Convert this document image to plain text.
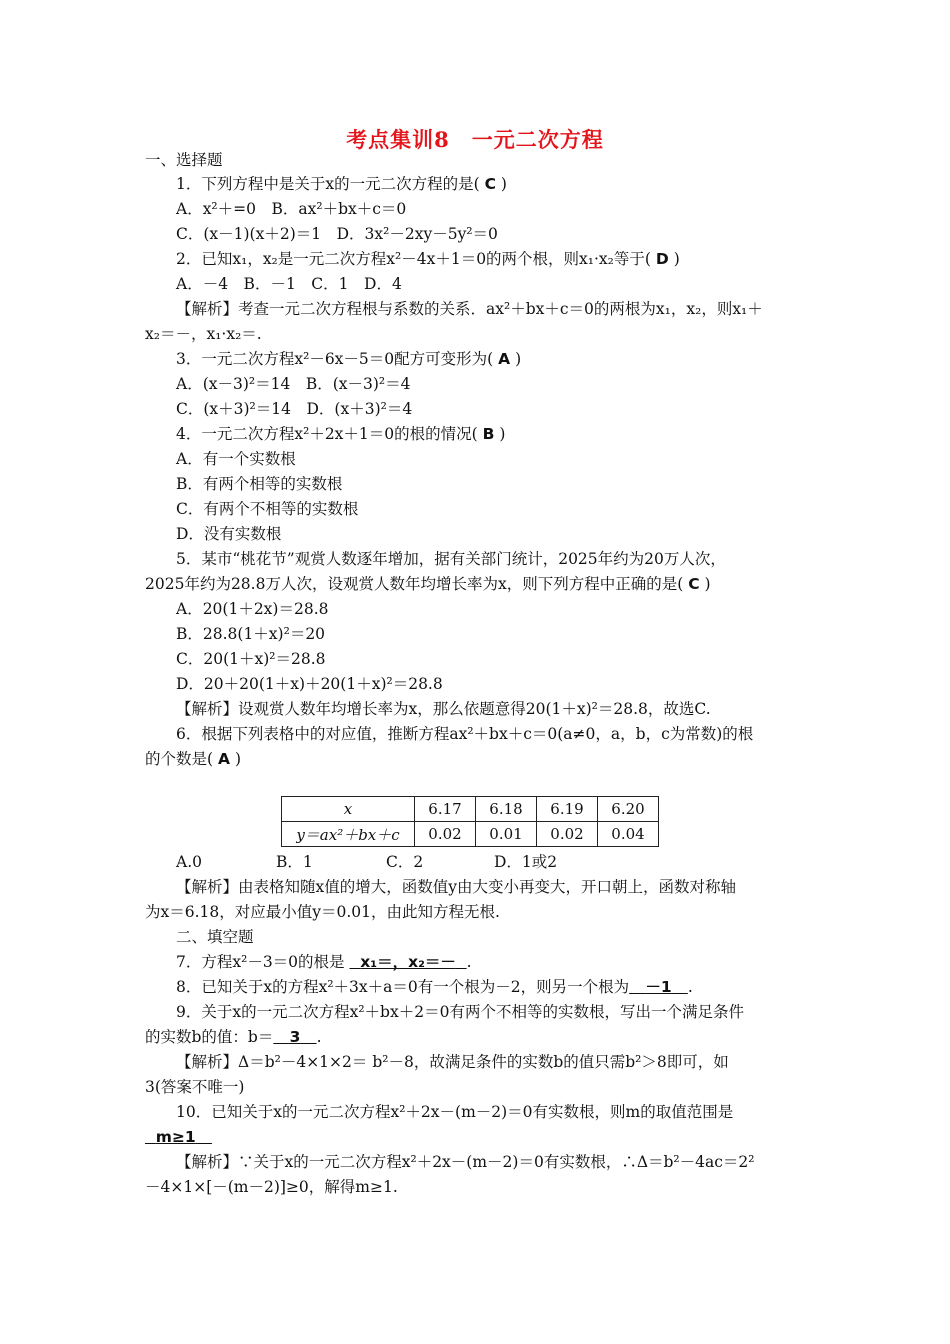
考点集训8　一元二次方程
一、选择题
1．下列方程中是关于x的一元二次方程的是( C )
A．x²＋=0　B．ax²＋bx＋c＝0
C．(x－1)(x＋2)＝1　D．3x²－2xy－5y²＝0
2．已知x₁，x₂是一元二次方程x²－4x＋1＝0的两个根，则x₁·x₂等于( D )
A．－4　B．－1　C．1　D．4
【解析】考查一元二次方程根与系数的关系．ax²＋bx＋c＝0的两根为x₁，x₂，则x₁＋
x₂＝－，x₁·x₂＝.
3．一元二次方程x²－6x－5＝0配方可变形为( A )
A．(x－3)²＝14　B．(x－3)²＝4
C．(x＋3)²＝14　D．(x＋3)²＝4
4．一元二次方程x²＋2x＋1＝0的根的情况( B )
A．有一个实数根
B．有两个相等的实数根
C．有两个不相等的实数根
D．没有实数根
5．某市“桃花节”观赏人数逐年增加，据有关部门统计，2025年约为20万人次，
2025年约为28.8万人次，设观赏人数年均增长率为x，则下列方程中正确的是( C )
A．20(1＋2x)＝28.8
B．28.8(1＋x)²＝20
C．20(1＋x)²＝28.8
D．20＋20(1＋x)＋20(1＋x)²＝28.8
【解析】设观赏人数年均增长率为x，那么依题意得20(1＋x)²＝28.8，故选C.
6．根据下列表格中的对应值，推断方程ax²＋bx＋c＝0(a≠0，a，b，c为常数)的根
的个数是( A )
x	6.17	6.18	6.19	6.20
y＝ax²＋bx＋c	0.02	0.01	0.02	0.04
A.0	B．1	C．2	D．1或2
【解析】由表格知随x值的增大，函数值y由大变小再变大，开口朝上，函数对称轴
为x＝6.18，对应最小值y＝0.01，由此知方程无根.
二、填空题
7．方程x²－3＝0的根是 x₁＝，x₂＝－ .
8．已知关于x的方程x²＋3x＋a＝0有一个根为－2，则另一个根为 －1 .
9．关于x的一元二次方程x²＋bx＋2＝0有两个不相等的实数根，写出一个满足条件
的实数b的值：b＝ 3 .
【解析】Δ＝b²－4×1×2＝ b²－8，故满足条件的实数b的值只需b²＞8即可，如
3(答案不唯一)
10．已知关于x的一元二次方程x²＋2x－(m－2)＝0有实数根，则m的取值范围是
m≥1
【解析】∵关于x的一元二次方程x²＋2x－(m－2)＝0有实数根，∴Δ＝b²－4ac＝2²
－4×1×[－(m－2)]≥0，解得m≥1.
